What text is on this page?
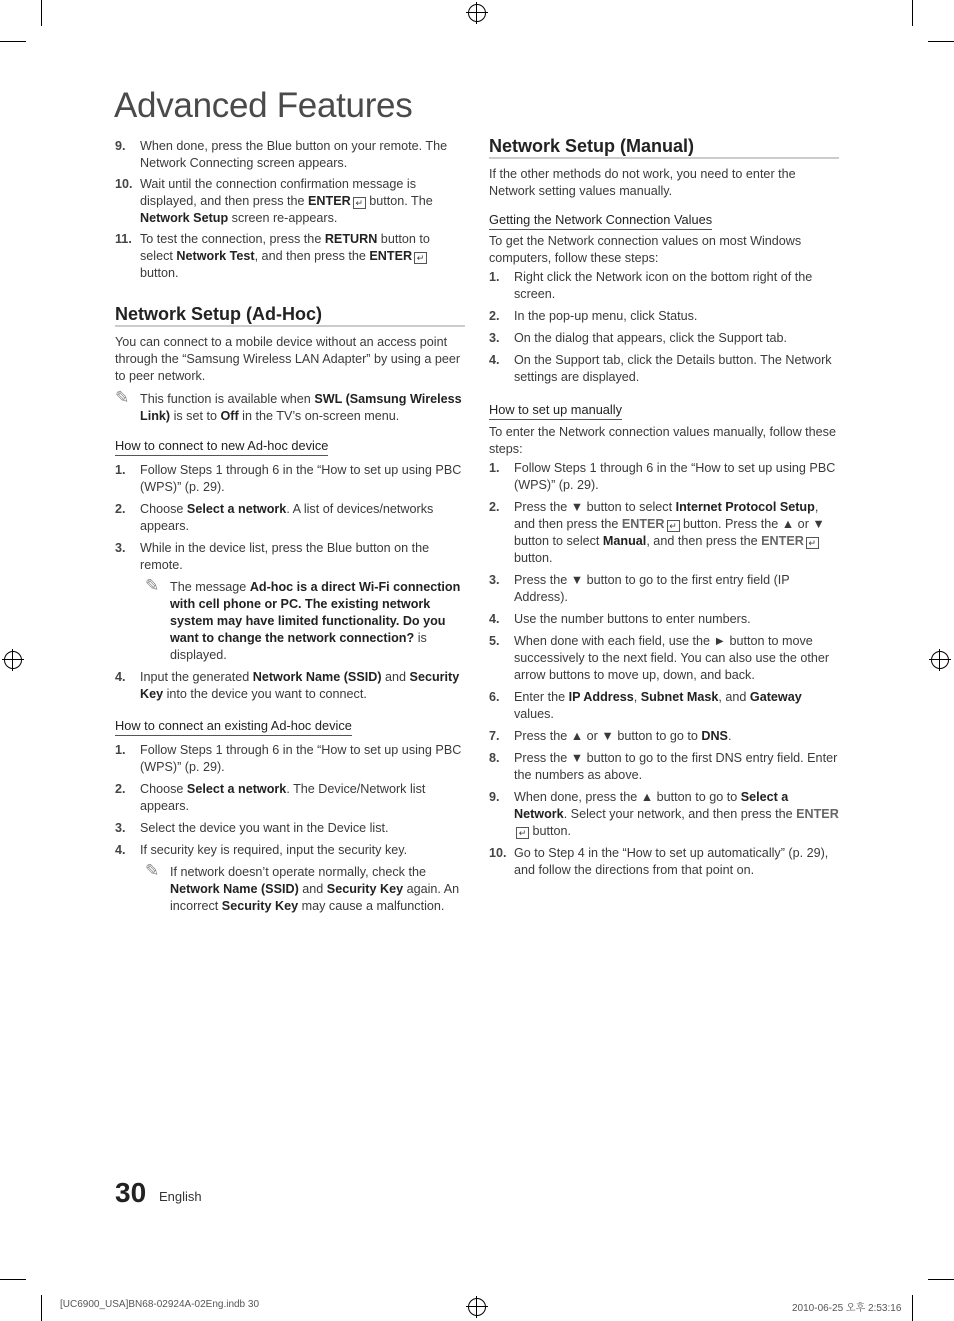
Advanced Features
9. When done, press the Blue button on your remote. The Network Connecting screen appears.
10. Wait until the connection confirmation message is displayed, and then press the ENTER ↵ button. The Network Setup screen re-appears.
11. To test the connection, press the RETURN button to select Network Test, and then press the ENTER ↵
button.
Network Setup (Ad-Hoc)

You can connect to a mobile device without an access point through the “Samsung Wireless LAN Adapter” by using a peer to peer network.

✎ This function is available when SWL (Samsung Wireless Link) is set to Off in the TV’s on-screen menu.
How to connect to new Ad-hoc device
1. Follow Steps 1 through 6 in the “How to set up using PBC (WPS)” (p. 29).
2. Choose Select a network. A list of devices/networks appears.
3. While in the device list, press the Blue button on the remote.
✎ The message Ad-hoc is a direct Wi-Fi connection with cell phone or PC. The existing network system may have limited functionality. Do you want to change the network connection? is displayed.
4. Input the generated Network Name (SSID) and Security Key into the device you want to connect.
How to connect an existing Ad-hoc device
1. Follow Steps 1 through 6 in the “How to set up using PBC (WPS)” (p. 29).
2. Choose Select a network. The Device/Network list appears.
3. Select the device you want in the Device list.
4. If security key is required, input the security key.
✎ If network doesn’t operate normally, check the Network Name (SSID) and Security Key again. An incorrect Security Key may cause a malfunction.
Network Setup (Manual)

If the other methods do not work, you need to enter the Network setting values manually.

Getting the Network Connection Values

To get the Network connection values on most Windows computers, follow these steps:

1. Right click the Network icon on the bottom right of the screen.
2. In the pop-up menu, click Status.
3. On the dialog that appears, click the Support tab.
4. On the Support tab, click the Details button. The Network settings are displayed.
How to set up manually

To enter the Network connection values manually, follow these steps:

1. Follow Steps 1 through 6 in the “How to set up using PBC (WPS)” (p. 29).
2. Press the ▼ button to select Internet Protocol Setup, and then press the ENTER ↵ button. Press the ▲ or ▼ button to select Manual, and then press the ENTER ↵ button.
3. Press the ▼ button to go to the first entry field (IP Address).
4. Use the number buttons to enter numbers.
5. When done with each field, use the ► button to move successively to the next field. You can also use the other arrow buttons to move up, down, and back.
6. Enter the IP Address, Subnet Mask, and Gateway values.
7. Press the ▲ or ▼ button to go to DNS.
8. Press the ▼ button to go to the first DNS entry field. Enter the numbers as above.
9. When done, press the ▲ button to go to Select a Network. Select your network, and then press the ENTER↵ button.
10. Go to Step 4 in the “How to set up automatically” (p. 29), and follow the directions from that point on.
30 English
[UC6900_USA]BN68-02924A-02Eng.indb 30	2010-06-25 오후 2:53:16
